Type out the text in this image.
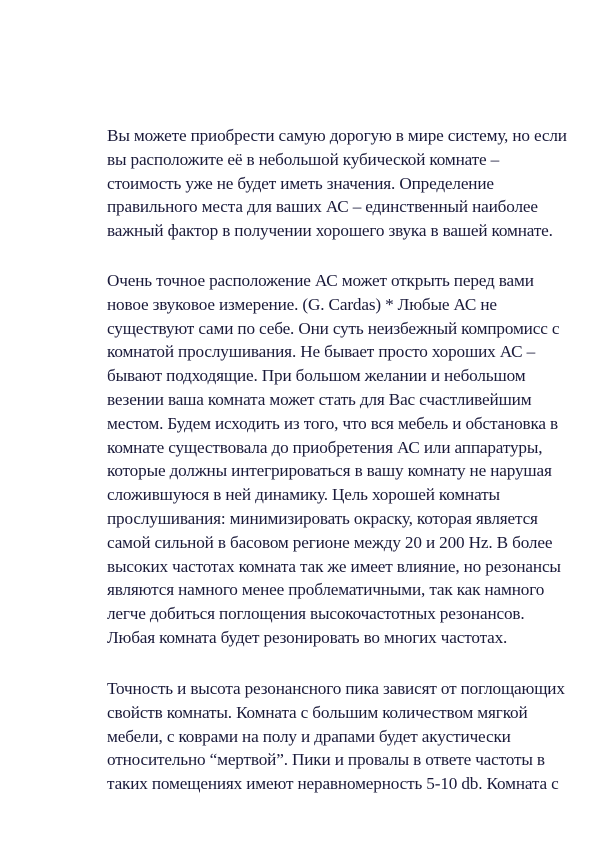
Вы можете приобрести самую дорогую в мире систему, но если
вы расположите её в небольшой кубической комнате –
стоимость уже не будет иметь значения. Определение
правильного места для ваших АС – единственный наиболее
важный фактор в получении хорошего звука в вашей комнате.

Очень точное расположение АС может открыть перед вами
новое звуковое измерение. (G. Cardas) * Любые АС не
существуют сами по себе. Они суть неизбежный компромисс с
комнатой прослушивания. Не бывает просто хороших АС –
бывают подходящие. При большом желании и небольшом
везении ваша комната может стать для Вас счастливейшим
местом. Будем исходить из того, что вся мебель и обстановка в
комнате существовала до приобретения АС или аппаратуры,
которые должны интегрироваться в вашу комнату не нарушая
сложившуюся в ней динамику. Цель хорошей комнаты
прослушивания: минимизировать окраску, которая является
самой сильной в басовом регионе между 20 и 200 Hz. В более
высоких частотах комната так же имеет влияние, но резонансы
являются намного менее проблематичными, так как намного
легче добиться поглощения высокочастотных резонансов.
Любая комната будет резонировать во многих частотах.

Точность и высота резонансного пика зависят от поглощающих
свойств комнаты. Комната с большим количеством мягкой
мебели, с коврами на полу и драпами будет акустически
относительно “мертвой”. Пики и провалы в ответе частоты в
таких помещениях имеют неравномерность 5-10 db. Комната с
